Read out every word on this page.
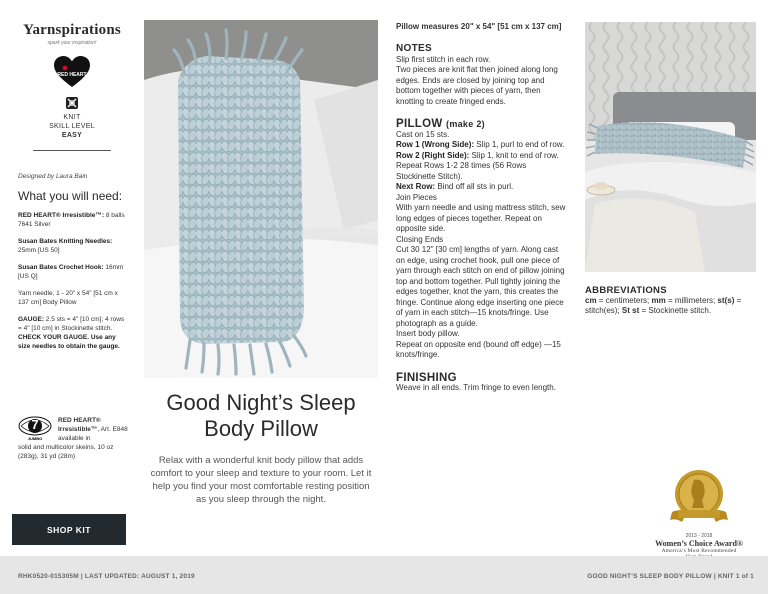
Yarnspirations
spark your inspiration!
RED HEART
KNIT
SKILL LEVEL
EASY
Designed by Laura Bain
What you will need:

RED HEART® Irresistible™: 8 balls 7641 Silver

Susan Bates Knitting Needles: 25mm [US 50]

Susan Bates Crochet Hook: 16mm [US Q]

Yarn needle, 1 - 20" x 54" [51 cm x 137 cm] Body Pillow

GAUGE: 2.5 sts = 4" [10 cm]; 4 rows = 4" [10 cm] in Stockinette stitch. CHECK YOUR GAUGE. Use any size needles to obtain the gauge.

7
JUMBO
RED HEART® Irresistible™, Art. E848 available in
solid and multicolor skeins, 10 oz (283g), 31 yd (28m)
SHOP KIT
Good Night’s Sleep Body Pillow

Relax with a wonderful knit body pillow that adds comfort to your sleep and texture to your room. Let it help you find your most comfortable resting position as you sleep through the night.

Pillow measures 20" x 54" [51 cm x 137 cm]
NOTES
Slip first stitch in each row.
Two pieces are knit flat then joined along long edges. Ends are closed by joining top and bottom together with pieces of yarn, then knotting to create fringed ends.
PILLOW (make 2)
Cast on 15 sts.
Row 1 (Wrong Side): Slip 1, purl to end of row.
Row 2 (Right Side): Slip 1, knit to end of row.
Repeat Rows 1-2 28 times (56 Rows Stockinette Stitch).
Next Row: Bind off all sts in purl.
Join Pieces
With yarn needle and using mattress stitch, sew long edges of pieces together. Repeat on opposite side.
Closing Ends
Cut 30 12" [30 cm] lengths of yarn. Along cast on edge, using crochet hook, pull one piece of yarn through each stitch on end of pillow joining top and bottom together. Pull tightly joining the edges together, knot the yarn, this creates the fringe. Continue along edge inserting one piece of yarn in each stitch—15 knots/fringe. Use photograph as a guide.
Insert body pillow.
Repeat on opposite end (bound off edge) —15 knots/fringe.
FINISHING
Weave in all ends. Trim fringe to even length.
ABBREVIATIONS
cm = centimeters; mm = millimeters; st(s) = stitch(es); St st = Stockinette stitch.
2013 - 2018
Women’s Choice Award®
America’s Most Recommended
RHK0520-015305M | LAST UPDATED: AUGUST 1, 2019	GOOD NIGHT’S SLEEP BODY PILLOW | KNIT 1 of 1
